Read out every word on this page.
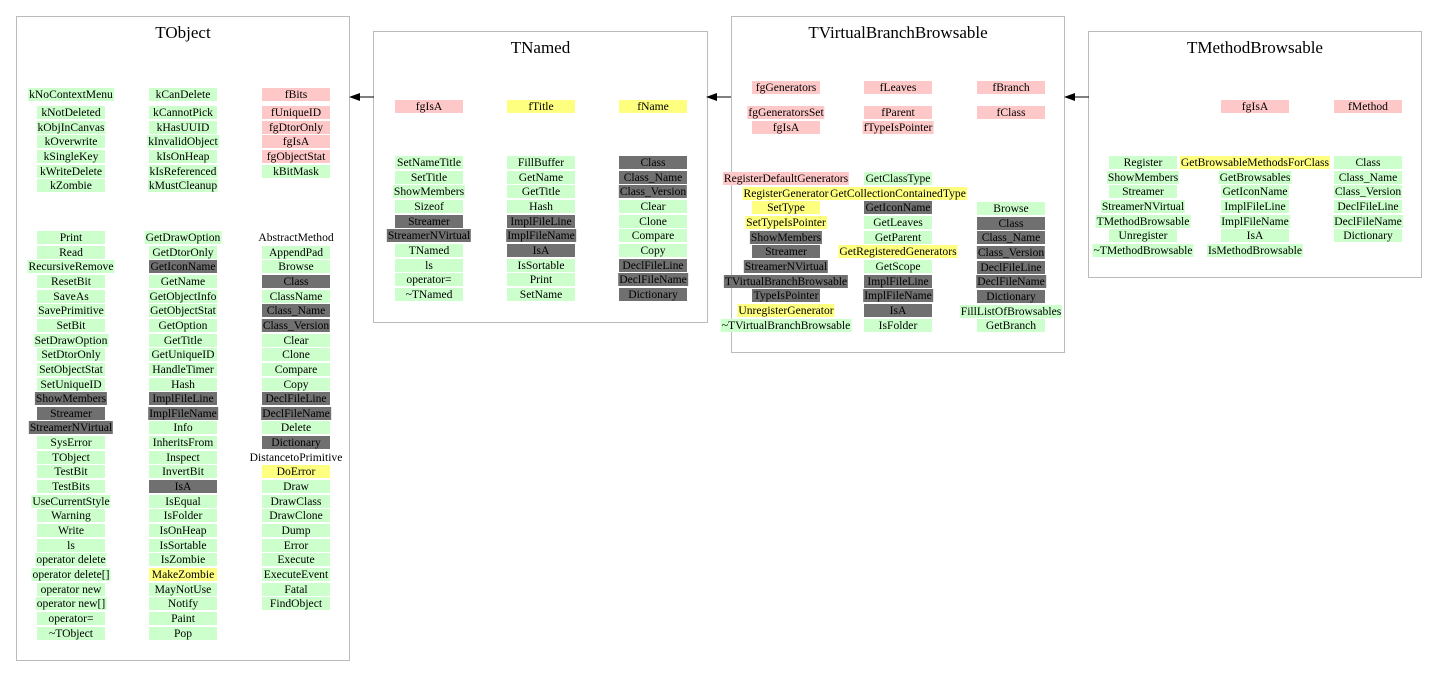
TObject
kNoContextMenu
kNotDeleted
kObjInCanvas
kOverwrite
kSingleKey
kWriteDelete
kZombie
Print
Read
RecursiveRemove
ResetBit
SaveAs
SavePrimitive
SetBit
SetDrawOption
SetDtorOnly
SetObjectStat
SetUniqueID
ShowMembers
Streamer
StreamerNVirtual
SysError
TObject
TestBit
TestBits
UseCurrentStyle
Warning
Write
ls
operator delete
operator delete[]
operator new
operator new[]
operator=
~TObject
kCanDelete
kCannotPick
kHasUUID
kInvalidObject
kIsOnHeap
kIsReferenced
kMustCleanup
GetDrawOption
GetDtorOnly
GetIconName
GetName
GetObjectInfo
GetObjectStat
GetOption
GetTitle
GetUniqueID
HandleTimer
Hash
ImplFileLine
ImplFileName
Info
InheritsFrom
Inspect
InvertBit
IsA
IsEqual
IsFolder
IsOnHeap
IsSortable
IsZombie
MakeZombie
MayNotUse
Notify
Paint
Pop
fBits
fUniqueID
fgDtorOnly
fgIsA
fgObjectStat
kBitMask
AbstractMethod
AppendPad
Browse
Class
ClassName
Class_Name
Class_Version
Clear
Clone
Compare
Copy
DeclFileLine
DeclFileName
Delete
Dictionary
DistancetoPrimitive
DoError
Draw
DrawClass
DrawClone
Dump
Error
Execute
ExecuteEvent
Fatal
FindObject
TNamed
fgIsA
SetNameTitle
SetTitle
ShowMembers
Sizeof
Streamer
StreamerNVirtual
TNamed
ls
operator=
~TNamed
fTitle
FillBuffer
GetName
GetTitle
Hash
ImplFileLine
ImplFileName
IsA
IsSortable
Print
SetName
fName
Class
Class_Name
Class_Version
Clear
Clone
Compare
Copy
DeclFileLine
DeclFileName
Dictionary
TVirtualBranchBrowsable
fgGenerators
fgGeneratorsSet
fgIsA
RegisterDefaultGenerators
RegisterGenerator
SetType
SetTypeIsPointer
ShowMembers
Streamer
StreamerNVirtual
TVirtualBranchBrowsable
TypeIsPointer
UnregisterGenerator
~TVirtualBranchBrowsable
fLeaves
fParent
fTypeIsPointer
GetClassType
GetCollectionContainedType
GetIconName
GetLeaves
GetParent
GetRegisteredGenerators
GetScope
ImplFileLine
ImplFileName
IsA
IsFolder
fBranch
fClass
Browse
Class
Class_Name
Class_Version
DeclFileLine
DeclFileName
Dictionary
FillListOfBrowsables
GetBranch
TMethodBrowsable
Register
ShowMembers
Streamer
StreamerNVirtual
TMethodBrowsable
Unregister
~TMethodBrowsable
fgIsA
GetBrowsableMethodsForClass
GetBrowsables
GetIconName
ImplFileLine
ImplFileName
IsA
IsMethodBrowsable
fMethod
Class
Class_Name
Class_Version
DeclFileLine
DeclFileName
Dictionary
